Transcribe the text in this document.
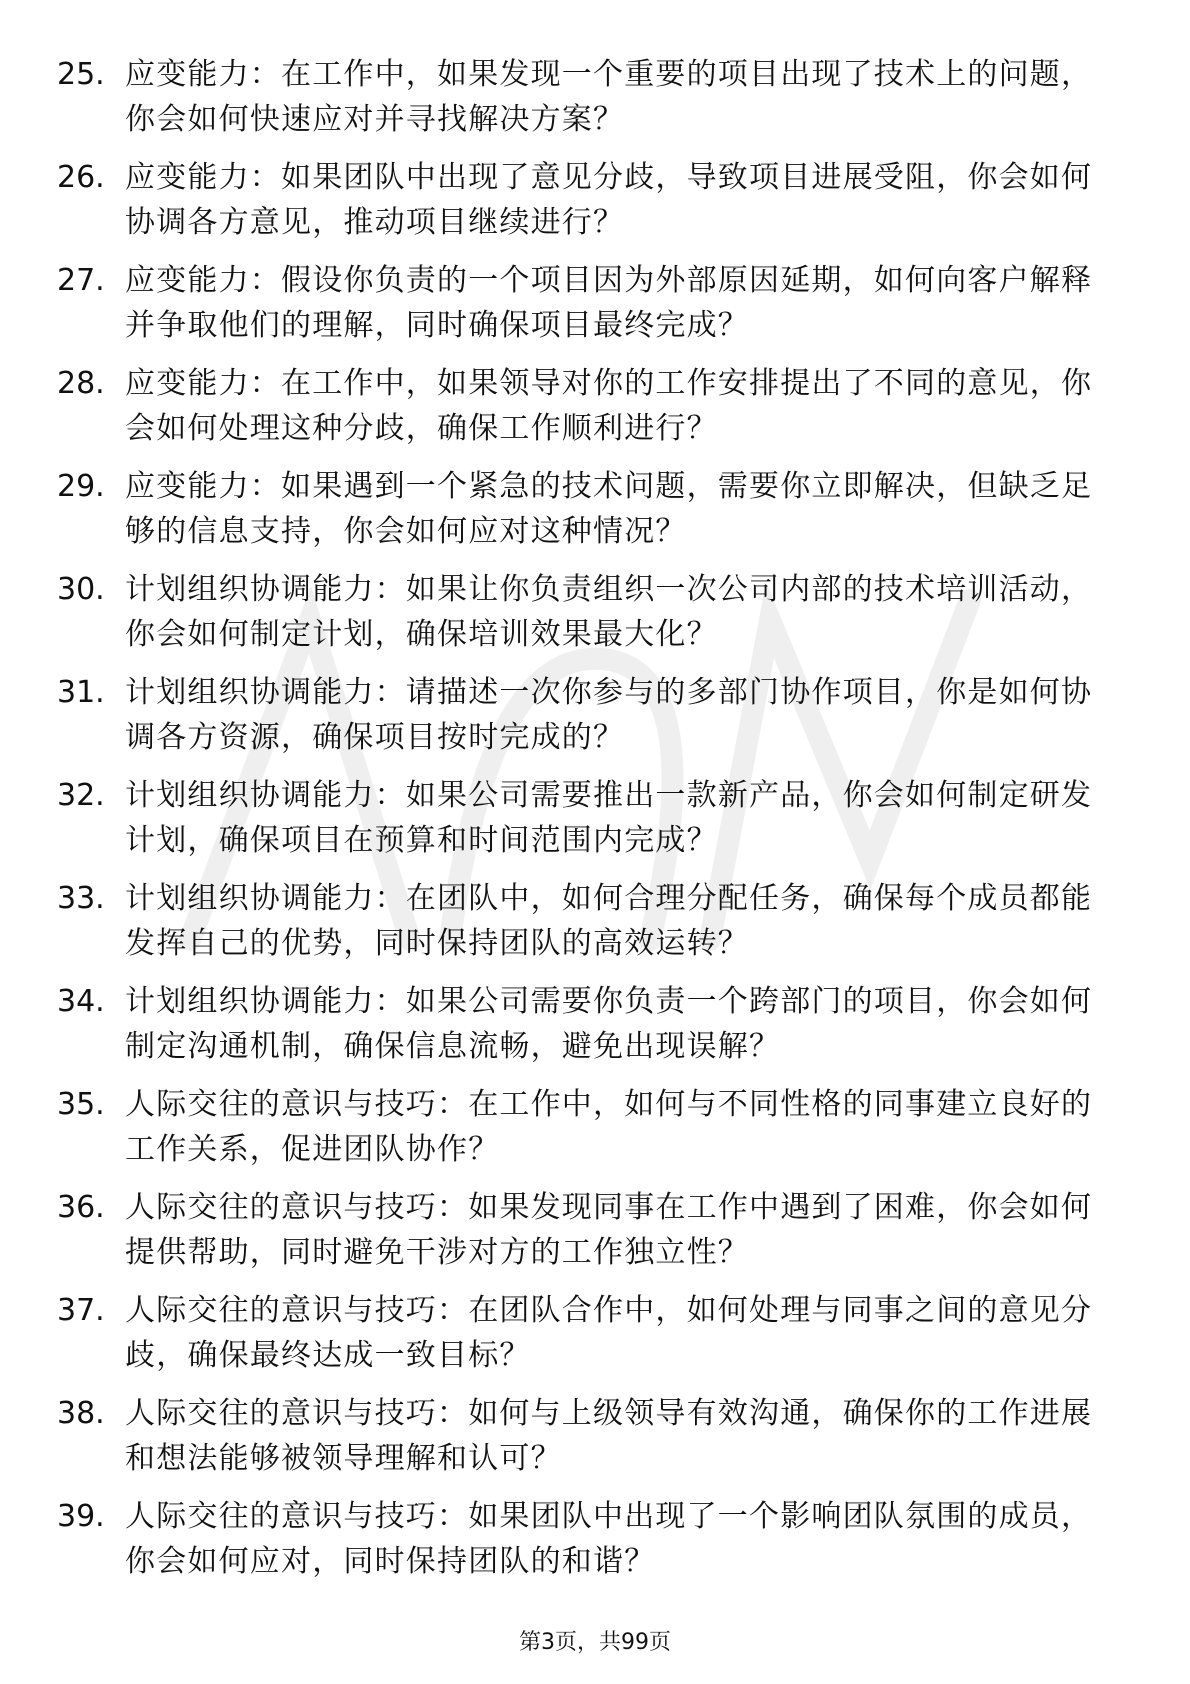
25. 应变能力：在工作中，如果发现一个重要的项目出现了技术上的问题，你会如何快速应对并寻找解决方案？
26. 应变能力：如果团队中出现了意见分歧，导致项目进展受阻，你会如何协调各方意见，推动项目继续进行？
27. 应变能力：假设你负责的一个项目因为外部原因延期，如何向客户解释并争取他们的理解，同时确保项目最终完成？
28. 应变能力：在工作中，如果领导对你的工作安排提出了不同的意见，你会如何处理这种分歧，确保工作顺利进行？
29. 应变能力：如果遇到一个紧急的技术问题，需要你立即解决，但缺乏足够的信息支持，你会如何应对这种情况？
30. 计划组织协调能力：如果让你负责组织一次公司内部的技术培训活动，你会如何制定计划，确保培训效果最大化？
31. 计划组织协调能力：请描述一次你参与的多部门协作项目，你是如何协调各方资源，确保项目按时完成的？
32. 计划组织协调能力：如果公司需要推出一款新产品，你会如何制定研发计划，确保项目在预算和时间范围内完成？
33. 计划组织协调能力：在团队中，如何合理分配任务，确保每个成员都能发挥自己的优势，同时保持团队的高效运转？
34. 计划组织协调能力：如果公司需要你负责一个跨部门的项目，你会如何制定沟通机制，确保信息流畅，避免出现误解？
35. 人际交往的意识与技巧：在工作中，如何与不同性格的同事建立良好的工作关系，促进团队协作？
36. 人际交往的意识与技巧：如果发现同事在工作中遇到了困难，你会如何提供帮助，同时避免干涉对方的工作独立性？
37. 人际交往的意识与技巧：在团队合作中，如何处理与同事之间的意见分歧，确保最终达成一致目标？
38. 人际交往的意识与技巧：如何与上级领导有效沟通，确保你的工作进展和想法能够被领导理解和认可？
39. 人际交往的意识与技巧：如果团队中出现了一个影响团队氛围的成员，你会如何应对，同时保持团队的和谐？
第3页，共99页
